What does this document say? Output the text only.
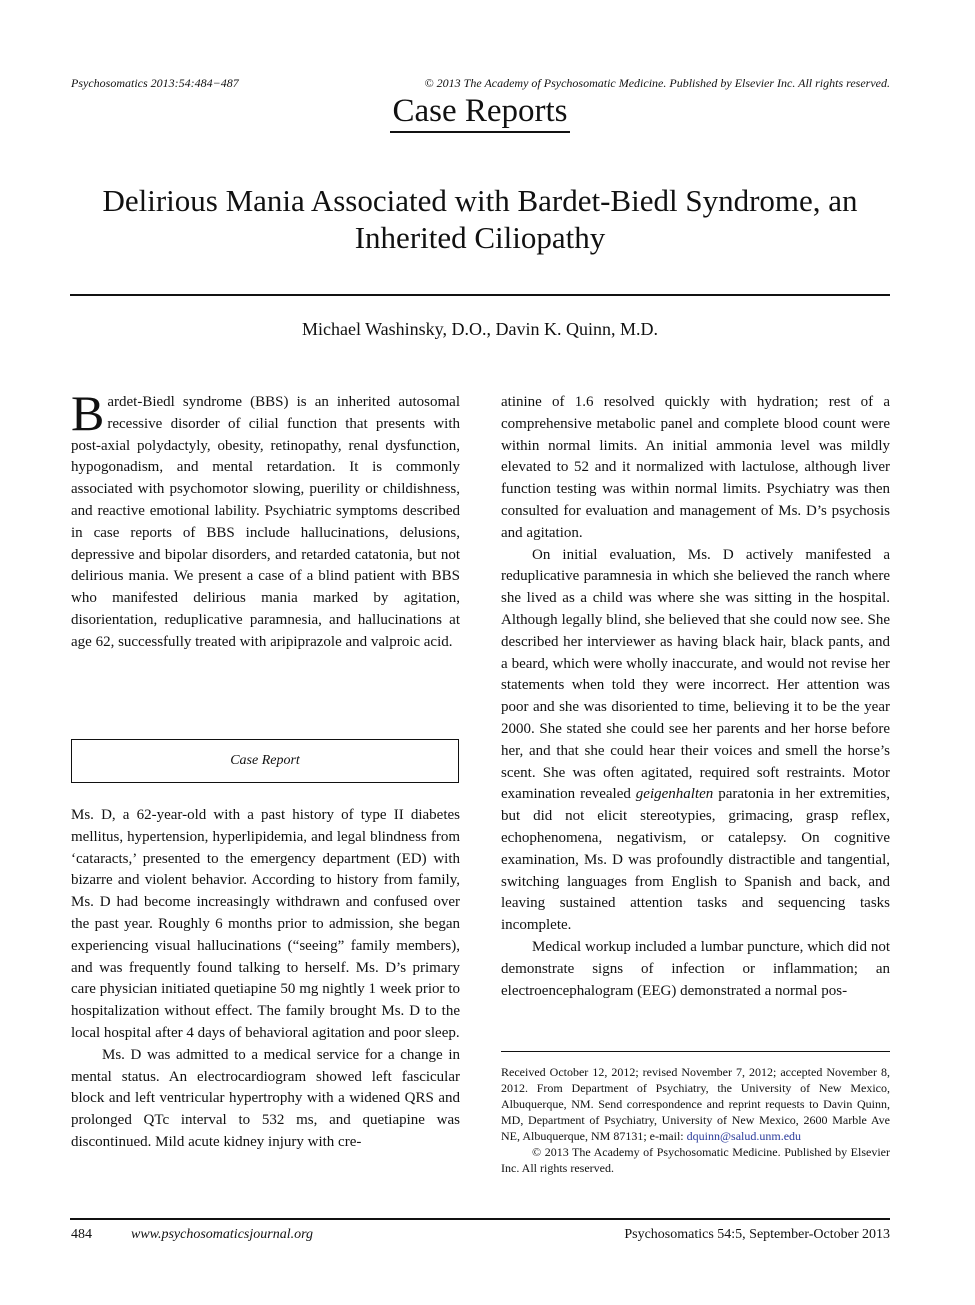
Psychosomatics 2013:54:484−487	© 2013 The Academy of Psychosomatic Medicine. Published by Elsevier Inc. All rights reserved.
Case Reports
Delirious Mania Associated with Bardet-Biedl Syndrome, an Inherited Ciliopathy
Michael Washinsky, D.O., Davin K. Quinn, M.D.

Bardet-Biedl syndrome (BBS) is an inherited autosomal recessive disorder of cilial function that presents with post-axial polydactyly, obesity, retinopathy, renal dysfunction, hypogonadism, and mental retardation. It is commonly associated with psychomotor slowing, puerility or childishness, and reactive emotional lability. Psychiatric symptoms described in case reports of BBS include hallucinations, delusions, depressive and bipolar disorders, and retarded catatonia, but not delirious mania. We present a case of a blind patient with BBS who manifested delirious mania marked by agitation, disorientation, reduplicative paramnesia, and hallucinations at age 62, successfully treated with aripiprazole and valproic acid.

Case Report

Ms. D, a 62-year-old with a past history of type II diabetes mellitus, hypertension, hyperlipidemia, and legal blindness from ‘cataracts,’ presented to the emergency department (ED) with bizarre and violent behavior. According to history from family, Ms. D had become increasingly withdrawn and confused over the past year. Roughly 6 months prior to admission, she began experiencing visual hallucinations (“seeing” family members), and was frequently found talking to herself. Ms. D’s primary care physician initiated quetiapine 50 mg nightly 1 week prior to hospitalization without effect. The family brought Ms. D to the local hospital after 4 days of behavioral agitation and poor sleep.

Ms. D was admitted to a medical service for a change in mental status. An electrocardiogram showed left fascicular block and left ventricular hypertrophy with a widened QRS and prolonged QTc interval to 532 ms, and quetiapine was discontinued. Mild acute kidney injury with cre-

atinine of 1.6 resolved quickly with hydration; rest of a comprehensive metabolic panel and complete blood count were within normal limits. An initial ammonia level was mildly elevated to 52 and it normalized with lactulose, although liver function testing was within normal limits. Psychiatry was then consulted for evaluation and management of Ms. D’s psychosis and agitation.

On initial evaluation, Ms. D actively manifested a reduplicative paramnesia in which she believed the ranch where she lived as a child was where she was sitting in the hospital. Although legally blind, she believed that she could now see. She described her interviewer as having black hair, black pants, and a beard, which were wholly inaccurate, and would not revise her statements when told they were incorrect. Her attention was poor and she was disoriented to time, believing it to be the year 2000. She stated she could see her parents and her horse before her, and that she could hear their voices and smell the horse’s scent. She was often agitated, required soft restraints. Motor examination revealed geigenhalten paratonia in her extremities, but did not elicit stereotypies, grimacing, grasp reflex, echophenomena, negativism, or catalepsy. On cognitive examination, Ms. D was profoundly distractible and tangential, switching languages from English to Spanish and back, and leaving sustained attention tasks and sequencing tasks incomplete.

Medical workup included a lumbar puncture, which did not demonstrate signs of infection or inflammation; an electroencephalogram (EEG) demonstrated a normal pos-

Received October 12, 2012; revised November 7, 2012; accepted November 8, 2012. From Department of Psychiatry, the University of New Mexico, Albuquerque, NM. Send correspondence and reprint requests to Davin Quinn, MD, Department of Psychiatry, University of New Mexico, 2600 Marble Ave NE, Albuquerque, NM 87131; e-mail: dquinn@salud.unm.edu

© 2013 The Academy of Psychosomatic Medicine. Published by Elsevier Inc. All rights reserved.

484	www.psychosomaticsjournal.org	Psychosomatics 54:5, September-October 2013
